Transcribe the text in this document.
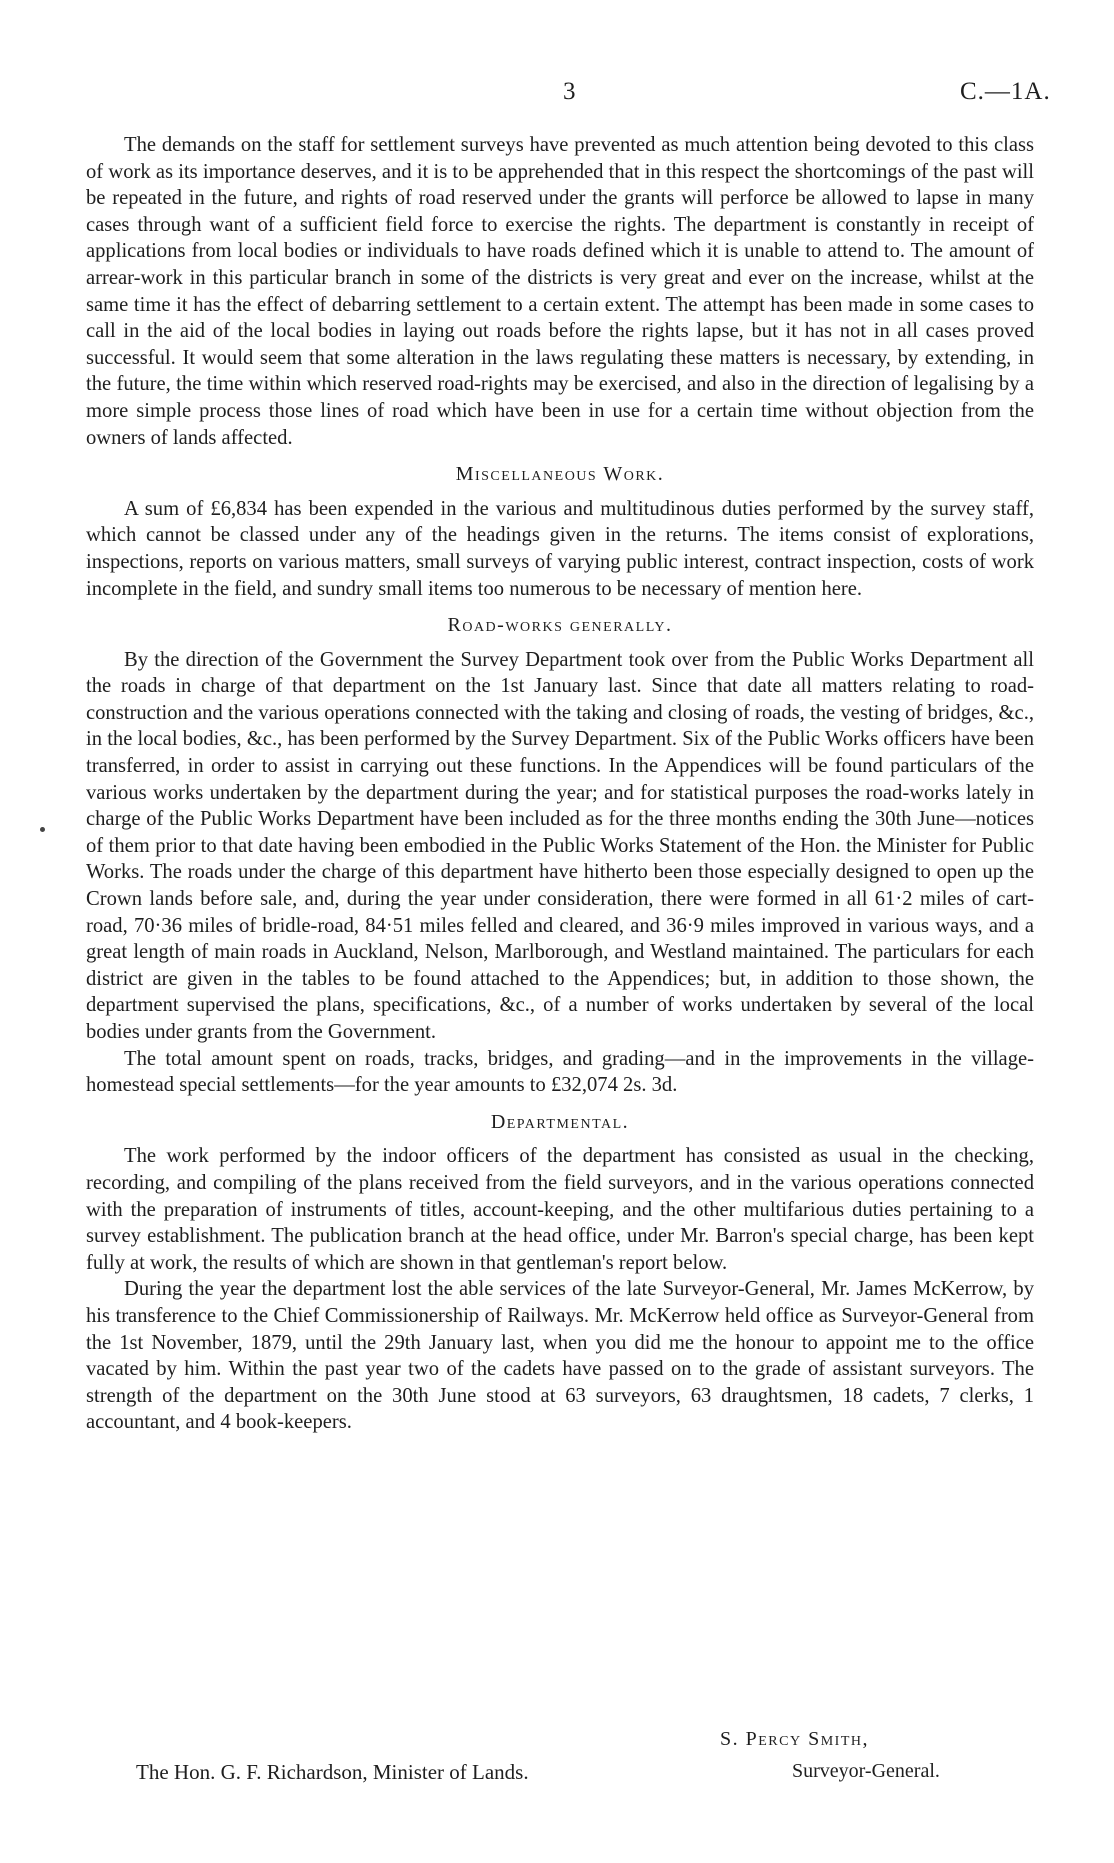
3	C.—1A.

The demands on the staff for settlement surveys have prevented as much attention being devoted to this class of work as its importance deserves, and it is to be apprehended that in this respect the shortcomings of the past will be repeated in the future, and rights of road reserved under the grants will perforce be allowed to lapse in many cases through want of a sufficient field force to exercise the rights. The department is constantly in receipt of applications from local bodies or individuals to have roads defined which it is unable to attend to. The amount of arrear-work in this particular branch in some of the districts is very great and ever on the increase, whilst at the same time it has the effect of debarring settlement to a certain extent. The attempt has been made in some cases to call in the aid of the local bodies in laying out roads before the rights lapse, but it has not in all cases proved successful. It would seem that some alteration in the laws regulating these matters is necessary, by extending, in the future, the time within which reserved road-rights may be exercised, and also in the direction of legalising by a more simple process those lines of road which have been in use for a certain time without objection from the owners of lands affected.

Miscellaneous Work.

A sum of £6,834 has been expended in the various and multitudinous duties performed by the survey staff, which cannot be classed under any of the headings given in the returns. The items consist of explorations, inspections, reports on various matters, small surveys of varying public interest, contract inspection, costs of work incomplete in the field, and sundry small items too numerous to be necessary of mention here.

Road-works generally.

By the direction of the Government the Survey Department took over from the Public Works Department all the roads in charge of that department on the 1st January last. Since that date all matters relating to road-construction and the various operations connected with the taking and closing of roads, the vesting of bridges, &c., in the local bodies, &c., has been performed by the Survey Department. Six of the Public Works officers have been transferred, in order to assist in carrying out these functions. In the Appendices will be found particulars of the various works undertaken by the department during the year; and for statistical purposes the road-works lately in charge of the Public Works Department have been included as for the three months ending the 30th June—notices of them prior to that date having been embodied in the Public Works Statement of the Hon. the Minister for Public Works. The roads under the charge of this department have hitherto been those especially designed to open up the Crown lands before sale, and, during the year under consideration, there were formed in all 61·2 miles of cart-road, 70·36 miles of bridle-road, 84·51 miles felled and cleared, and 36·9 miles improved in various ways, and a great length of main roads in Auckland, Nelson, Marlborough, and Westland maintained. The particulars for each district are given in the tables to be found attached to the Appendices; but, in addition to those shown, the department supervised the plans, specifications, &c., of a number of works undertaken by several of the local bodies under grants from the Government.

The total amount spent on roads, tracks, bridges, and grading—and in the improvements in the village-homestead special settlements—for the year amounts to £32,074 2s. 3d.

Departmental.

The work performed by the indoor officers of the department has consisted as usual in the checking, recording, and compiling of the plans received from the field surveyors, and in the various operations connected with the preparation of instruments of titles, account-keeping, and the other multifarious duties pertaining to a survey establishment. The publication branch at the head office, under Mr. Barron's special charge, has been kept fully at work, the results of which are shown in that gentleman's report below.

During the year the department lost the able services of the late Surveyor-General, Mr. James McKerrow, by his transference to the Chief Commissionership of Railways. Mr. McKerrow held office as Surveyor-General from the 1st November, 1879, until the 29th January last, when you did me the honour to appoint me to the office vacated by him. Within the past year two of the cadets have passed on to the grade of assistant surveyors. The strength of the department on the 30th June stood at 63 surveyors, 63 draughtsmen, 18 cadets, 7 clerks, 1 accountant, and 4 book-keepers.

S. Percy Smith,
The Hon. G. F. Richardson, Minister of Lands.	Surveyor-General.
